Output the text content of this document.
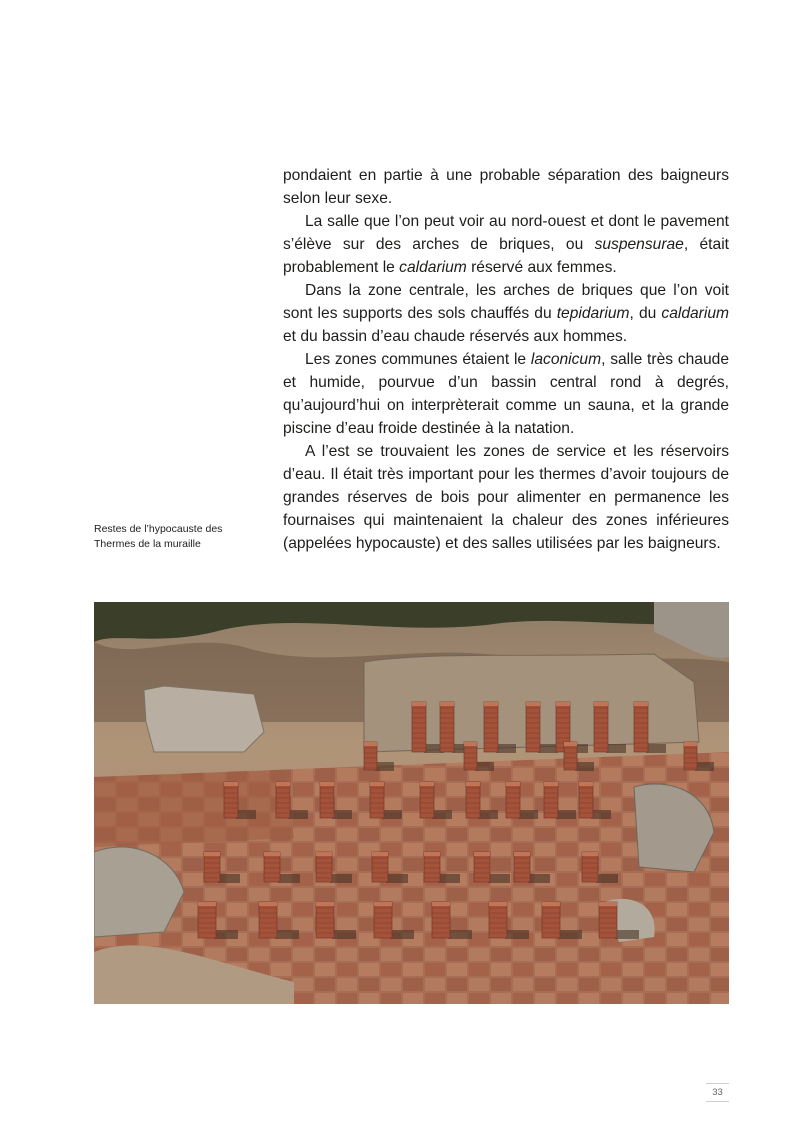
pondaient en partie à une probable séparation des baigneurs selon leur sexe.

La salle que l’on peut voir au nord-ouest et dont le pavement s’élève sur des arches de briques, ou suspensurae, était probablement le caldarium réservé aux femmes.

Dans la zone centrale, les arches de briques que l’on voit sont les supports des sols chauffés du tepidarium, du caldarium et du bassin d’eau chaude réservés aux hommes.

Les zones communes étaient le laconicum, salle très chaude et humide, pourvue d’un bassin central rond à degrés, qu’aujourd’hui on interprèterait comme un sauna, et la grande piscine d’eau froide destinée à la natation.

A l’est se trouvaient les zones de service et les réservoirs d’eau. Il était très important pour les thermes d’avoir toujours de grandes réserves de bois pour alimenter en permanence les fournaises qui maintenaient la chaleur des zones inférieures (appelées hypocauste) et des salles utilisées par les baigneurs.

Restes de l’hypocauste des
Thermes de la muraille
33
